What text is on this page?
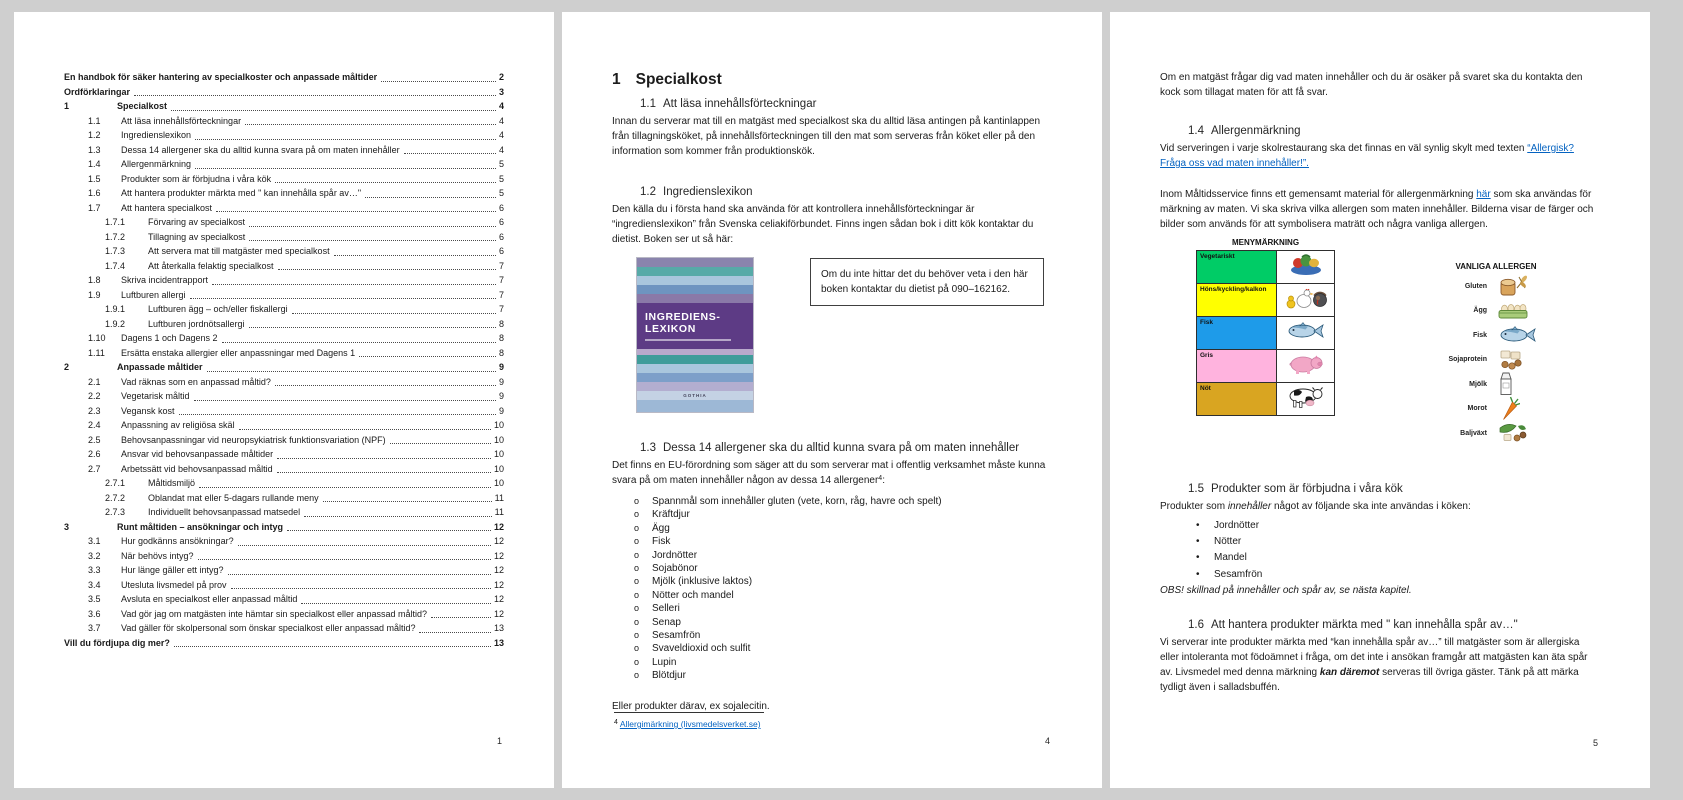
En handbok för säker hantering av specialkoster och anpassade måltider	2
Ordförklaringar	3
1	Specialkost	4
1.1	Att läsa innehållsförteckningar	4
1.2	Ingredienslexikon	4
1.3	Dessa 14 allergener ska du alltid kunna svara på om maten innehåller	4
1.4	Allergenmärkning	5
1.5	Produkter som är förbjudna i våra kök	5
1.6	Att hantera produkter märkta med " kan innehålla spår av…"	5
1.7	Att hantera specialkost	6
1.7.1	Förvaring av specialkost	6
1.7.2	Tillagning av specialkost	6
1.7.3	Att servera mat till matgäster med specialkost	6
1.7.4	Att återkalla felaktig specialkost	7
1.8	Skriva incidentrapport	7
1.9	Luftburen allergi	7
1.9.1	Luftburen ägg – och/eller fiskallergi	7
1.9.2	Luftburen jordnötsallergi	8
1.10	Dagens 1 och Dagens 2	8
1.11	Ersätta enstaka allergier eller anpassningar med Dagens 1	8
2	Anpassade måltider	9
2.1	Vad räknas som en anpassad måltid?	9
2.2	Vegetarisk måltid	9
2.3	Vegansk kost	9
2.4	Anpassning av religiösa skäl	10
2.5	Behovsanpassningar vid neuropsykiatrisk funktionsvariation (NPF)	10
2.6	Ansvar vid behovsanpassade måltider	10
2.7	Arbetssätt vid behovsanpassad måltid	10
2.7.1	Måltidsmiljö	10
2.7.2	Oblandat mat eller 5-dagars rullande meny	11
2.7.3	Individuellt behovsanpassad matsedel	11
3	Runt måltiden – ansökningar och intyg	12
3.1	Hur godkänns ansökningar?	12
3.2	När behövs intyg?	12
3.3	Hur länge gäller ett intyg?	12
3.4	Utesluta livsmedel på prov	12
3.5	Avsluta en specialkost eller anpassad måltid	12
3.6	Vad gör jag om matgästen inte hämtar sin specialkost eller anpassad måltid?	12
3.7	Vad gäller för skolpersonal som önskar specialkost eller anpassad måltid?	13
Vill du fördjupa dig mer?	13
1
1 Specialkost
1.1 Att läsa innehållsförteckningar

Innan du serverar mat till en matgäst med specialkost ska du alltid läsa antingen på kantinlappen från tillagningsköket, på innehållsförteckningen till den mat som serveras från köket eller på den information som kommer från produktionskök.

1.2 Ingredienslexikon

Den källa du i första hand ska använda för att kontrollera innehållsförteckningar är “ingredienslexikon” från Svenska celiakiförbundet. Finns ingen sådan bok i ditt kök kontaktar du dietist. Boken ser ut så här:

INGREDIENS-
LEXIKON
GOTHIA
Om du inte hittar det du behöver veta i den här boken kontaktar du dietist på 090–162162.
1.3 Dessa 14 allergener ska du alltid kunna svara på om maten innehåller

Det finns en EU-förordning som säger att du som serverar mat i offentlig verksamhet måste kunna svara på om maten innehåller någon av dessa 14 allergener$^4$:

o	Spannmål som innehåller gluten (vete, korn, råg, havre och spelt)
o	Kräftdjur
o	Ägg
o	Fisk
o	Jordnötter
o	Sojabönor
o	Mjölk (inklusive laktos)
o	Nötter och mandel
o	Selleri
o	Senap
o	Sesamfrön
o	Svaveldioxid och sulfit
o	Lupin
o	Blötdjur

Eller produkter därav, ex sojalecitin.

$^4$ Allergimärkning (livsmedelsverket.se)
4

Om en matgäst frågar dig vad maten innehåller och du är osäker på svaret ska du kontakta den kock som tillagat maten för att få svar.

1.4 Allergenmärkning

Vid serveringen i varje skolrestaurang ska det finnas en väl synlig skylt med texten “Allergisk? Fråga oss vad maten innehåller!”.

Inom Måltidsservice finns ett gemensamt material för allergenmärkning här som ska användas för märkning av maten. Vi ska skriva vilka allergen som maten innehåller. Bilderna visar de färger och bilder som används för att symbolisera maträtt och några vanliga allergen.

MENYMÄRKNING
Vegetariskt	

Höns/kyckling/kalkon	

Fisk	

Gris	

Nöt	
VANLIGA ALLERGEN
Gluten
Ägg
Fisk
Sojaprotein
Mjölk
Morot
Baljväxt
1.5 Produkter som är förbjudna i våra kök

Produkter som innehåller något av följande ska inte användas i köken:

•	Jordnötter
•	Nötter
•	Mandel
•	Sesamfrön

OBS! skillnad på innehåller och spår av, se nästa kapitel.

1.6 Att hantera produkter märkta med " kan innehålla spår av…"

Vi serverar inte produkter märkta med “kan innehålla spår av…” till matgäster som är allergiska eller intoleranta mot födoämnet i fråga, om det inte i ansökan framgår att matgästen kan äta spår av. Livsmedel med denna märkning kan däremot serveras till övriga gäster. Tänk på att märka tydligt även i salladsbuffén.

5
